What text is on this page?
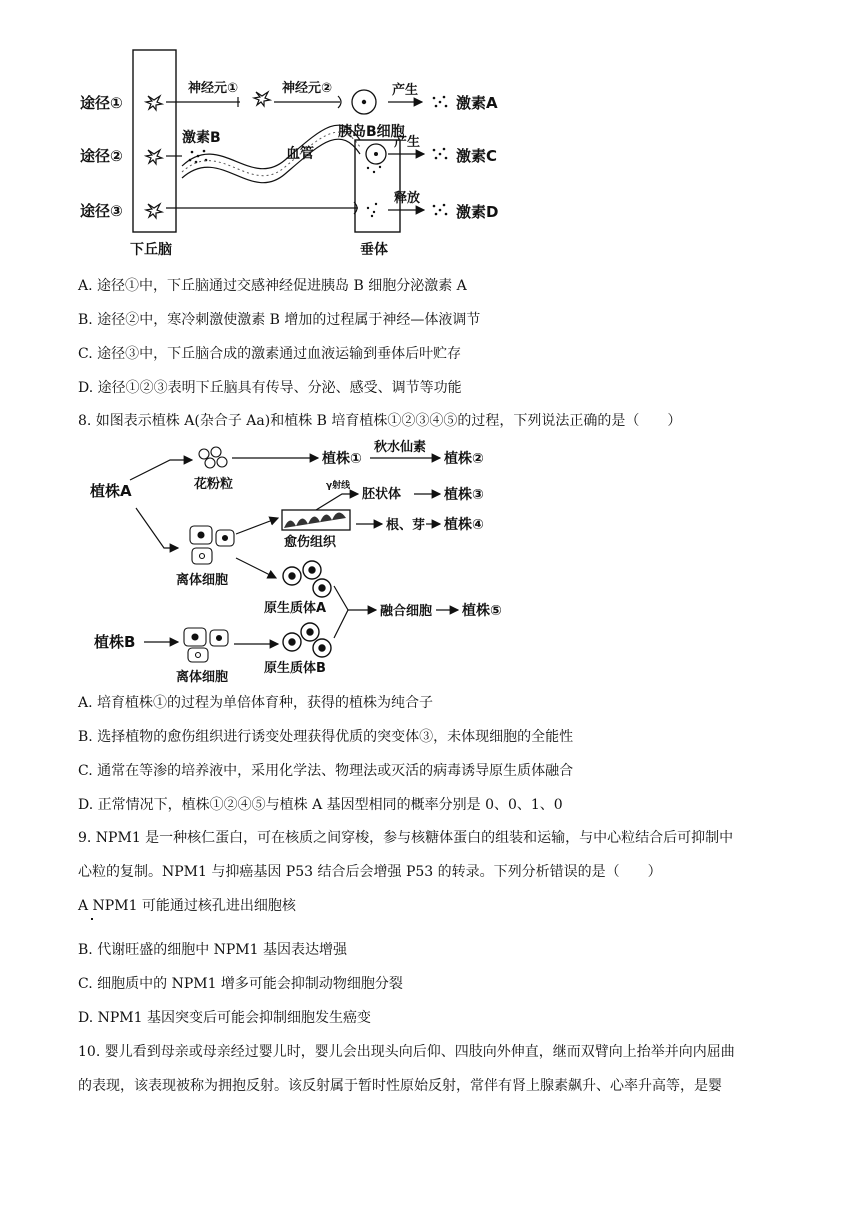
途径①
途径②
途径③
下丘脑
神经元①	神经元②	产生
激素A
胰岛B细胞
激素B
血管
垂体
产生
激素C
释放
激素D
A. 途径①中，下丘脑通过交感神经促进胰岛 B 细胞分泌激素 A
B. 途径②中，寒冷刺激使激素 B 增加的过程属于神经—体液调节
C. 途径③中，下丘脑合成的激素通过血液运输到垂体后叶贮存
D. 途径①②③表明下丘脑具有传导、分泌、感受、调节等功能
8. 如图表示植株 A(杂合子 Aa)和植株 B 培育植株①②③④⑤的过程，下列说法正确的是（　　）
植株A	花粉粒
植株①
秋水仙素
植株②
离体细胞
愈伤组织
γ射线
胚状体	植株③
根、芽 植株④
原生质体A
植株B
离体细胞
原生质体B
融合细胞 植株⑤
A. 培育植株①的过程为单倍体育种，获得的植株为纯合子
B. 选择植物的愈伤组织进行诱变处理获得优质的突变体③，未体现细胞的全能性
C. 通常在等渗的培养液中，采用化学法、物理法或灭活的病毒诱导原生质体融合
D. 正常情况下，植株①②④⑤与植株 A 基因型相同的概率分别是 0、0、1、0
9. NPM1 是一种核仁蛋白，可在核质之间穿梭，参与核糖体蛋白的组装和运输，与中心粒结合后可抑制中
心粒的复制。NPM1 与抑癌基因 P53 结合后会增强 P53 的转录。下列分析错误的是（　　）
A NPM1 可能通过核孔进出细胞核
B. 代谢旺盛的细胞中 NPM1 基因表达增强
C. 细胞质中的 NPM1 增多可能会抑制动物细胞分裂
D. NPM1 基因突变后可能会抑制细胞发生癌变
10. 婴儿看到母亲或母亲经过婴儿时，婴儿会出现头向后仰、四肢向外伸直，继而双臂向上抬举并向内屈曲
的表现，该表现被称为拥抱反射。该反射属于暂时性原始反射，常伴有肾上腺素飙升、心率升高等，是婴
